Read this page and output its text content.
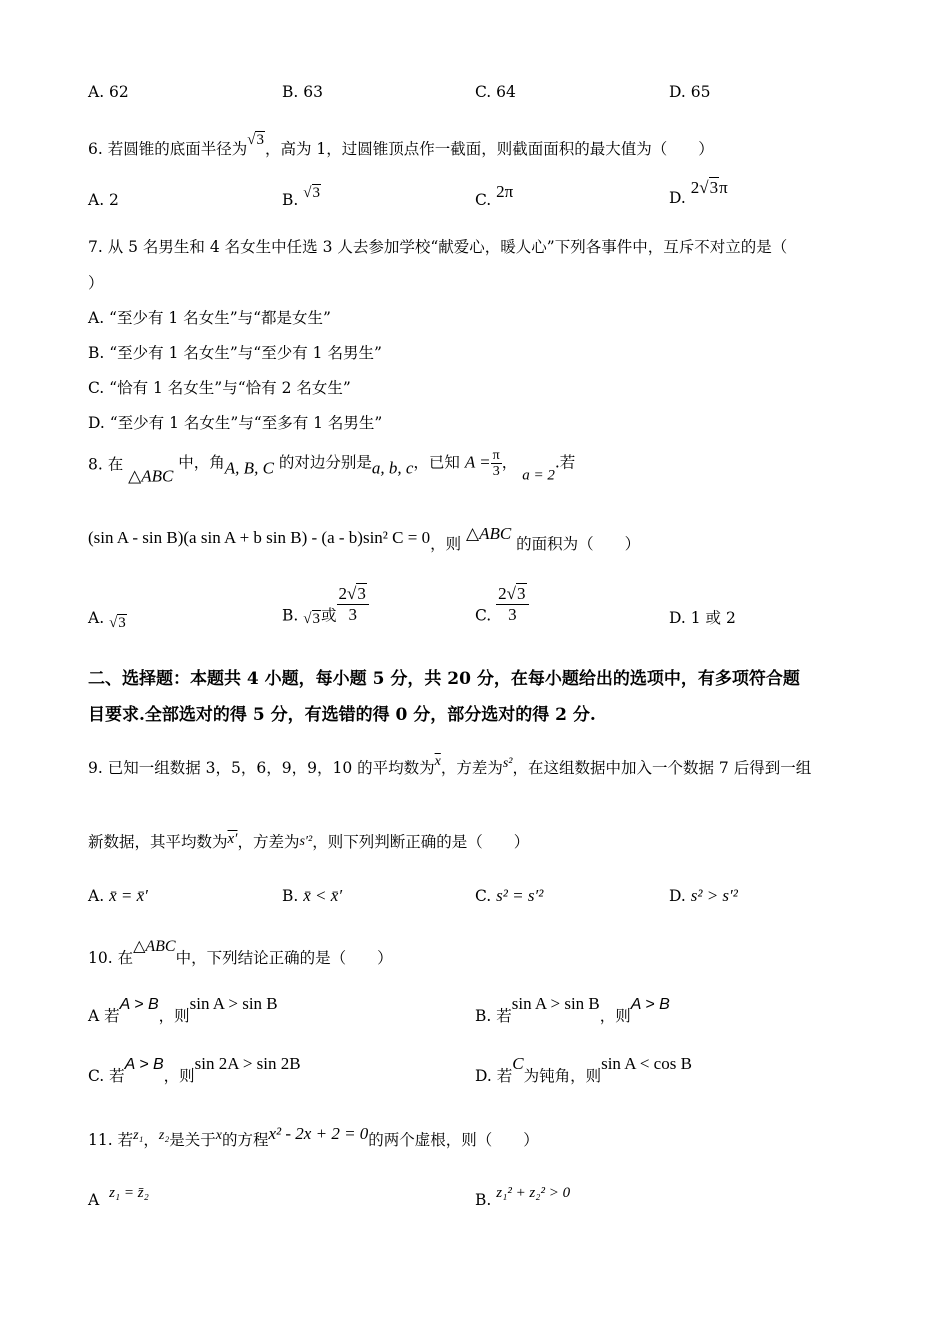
A. 62	B. 63	C. 64	D. 65
6. 若圆锥的底面半径为√3，高为 1，过圆锥顶点作一截面，则截面面积的最大值为（　　）
A. 2	B. √3	C. 2π	D. 2√3π
7. 从 5 名男生和 4 名女生中任选 3 人去参加学校“献爱心，暖人心”下列各事件中，互斥不对立的是（
）
A. “至少有 1 名女生”与“都是女生”
B. “至少有 1 名女生”与“至少有 1 名男生”
C. “恰有 1 名女生”与“恰有 2 名女生”
D. “至少有 1 名女生”与“至多有 1 名男生”
8. 在 △ABC 中，角A, B, C 的对边分别是a, b, c，已知 $A = \frac{\pi}{3}$ ， a = 2.若
(sin A - sin B)(a sin A + b sin B) - (a - b)sin² C = 0，则 △ABC 的面积为（　　）
A. √3	B. √3或 $\frac{2√3}{3}$	C. $\frac{2√3}{3}$	D. 1 或 2
二、选择题：本题共 4 小题，每小题 5 分，共 20 分，在每小题给出的选项中，有多项符合题
目要求.全部选对的得 5 分，有选错的得 0 分，部分选对的得 2 分.
9. 已知一组数据 3，5，6，9，9，10 的平均数为$\overline{x}$，方差为s²，在这组数据中加入一个数据 7 后得到一组
新数据，其平均数为x′，方差为s′²，则下列判断正确的是（　　）
A. x̄ = x̄′	B. x̄ < x̄′	C. s² = s′²	D. s² > s′²
10. 在△ABC中，下列结论正确的是（　　）
A 若A > B，则sin A > sin B
B. 若sin A > sin B，则A > B
C. 若A > B，则sin 2A > sin 2B
D. 若C为钝角，则sin A < cos B
11. 若z₁，z₂是关于x的方程x² - 2x + 2 = 0的两个虚根，则（　　）
A z₁ = z̄₂	B. z₁² + z₂² > 0
